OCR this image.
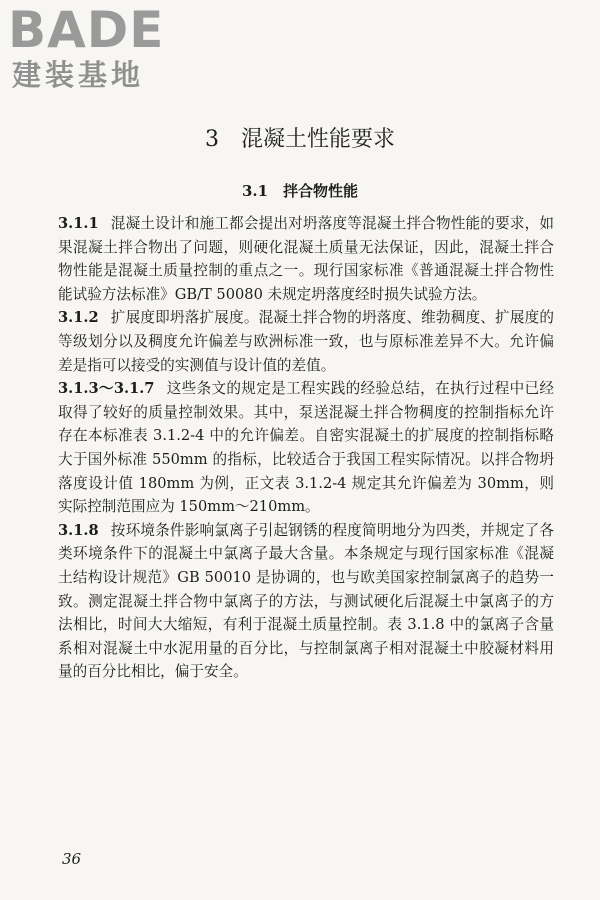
BADE
建装基地
3　混凝土性能要求
3.1　拌合物性能

3.1.1 混凝土设计和施工都会提出对坍落度等混凝土拌合物性能的要求，如果混凝土拌合物出了问题，则硬化混凝土质量无法保证，因此，混凝土拌合物性能是混凝土质量控制的重点之一。现行国家标准《普通混凝土拌合物性能试验方法标准》GB/T 50080 未规定坍落度经时损失试验方法。

3.1.2 扩展度即坍落扩展度。混凝土拌合物的坍落度、维勃稠度、扩展度的等级划分以及稠度允许偏差与欧洲标准一致，也与原标准差异不大。允许偏差是指可以接受的实测值与设计值的差值。

3.1.3～3.1.7 这些条文的规定是工程实践的经验总结，在执行过程中已经取得了较好的质量控制效果。其中，泵送混凝土拌合物稠度的控制指标允许存在本标准表 3.1.2-4 中的允许偏差。自密实混凝土的扩展度的控制指标略大于国外标准 550mm 的指标，比较适合于我国工程实际情况。以拌合物坍落度设计值 180mm 为例，正文表 3.1.2-4 规定其允许偏差为 30mm，则实际控制范围应为 150mm～210mm。

3.1.8 按环境条件影响氯离子引起钢锈的程度简明地分为四类，并规定了各类环境条件下的混凝土中氯离子最大含量。本条规定与现行国家标准《混凝土结构设计规范》GB 50010 是协调的，也与欧美国家控制氯离子的趋势一致。测定混凝土拌合物中氯离子的方法，与测试硬化后混凝土中氯离子的方法相比，时间大大缩短，有利于混凝土质量控制。表 3.1.8 中的氯离子含量系相对混凝土中水泥用量的百分比，与控制氯离子相对混凝土中胶凝材料用量的百分比相比，偏于安全。

36
